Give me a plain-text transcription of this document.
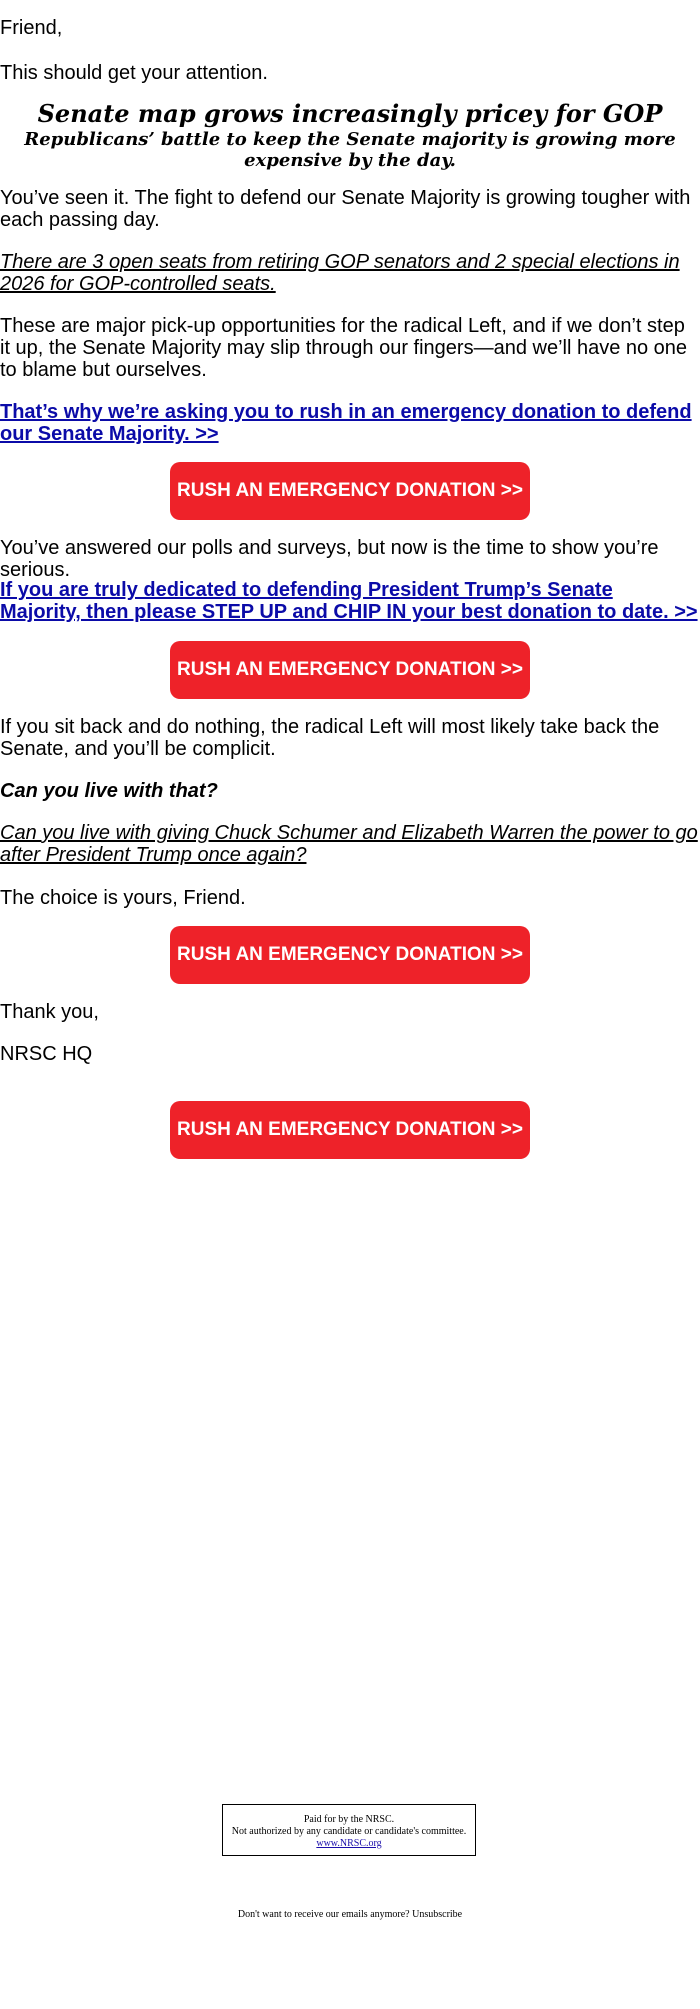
Friend,

This should get your attention.

Senate map grows increasingly pricey for GOP
Republicans’ battle to keep the Senate majority is growing more expensive by the day.

You’ve seen it. The fight to defend our Senate Majority is growing tougher with each passing day.

There are 3 open seats from retiring GOP senators and 2 special elections in 2026 for GOP-controlled seats.

These are major pick-up opportunities for the radical Left, and if we don’t step it up, the Senate Majority may slip through our fingers—and we’ll have no one to blame but ourselves.

That’s why we’re asking you to rush in an emergency donation to defend our Senate Majority. >>

RUSH AN EMERGENCY DONATION >>

You’ve answered our polls and surveys, but now is the time to show you’re serious.

If you are truly dedicated to defending President Trump’s Senate Majority, then please STEP UP and CHIP IN your best donation to date. >>

RUSH AN EMERGENCY DONATION >>

If you sit back and do nothing, the radical Left will most likely take back the Senate, and you’ll be complicit.

Can you live with that?

Can you live with giving Chuck Schumer and Elizabeth Warren the power to go after President Trump once again?

The choice is yours, Friend.

RUSH AN EMERGENCY DONATION >>

Thank you,

NRSC HQ

RUSH AN EMERGENCY DONATION >>
Paid for by the NRSC.
Not authorized by any candidate or candidate's committee.
www.NRSC.org
Don't want to receive our emails anymore? Unsubscribe
